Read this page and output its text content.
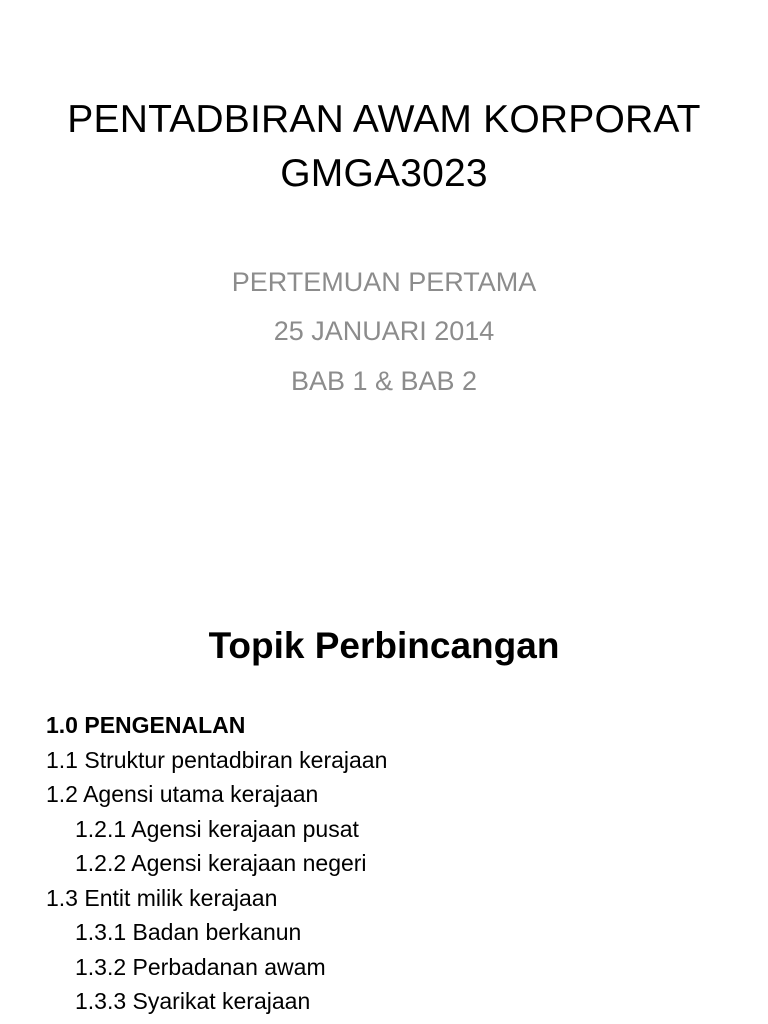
PENTADBIRAN AWAM KORPORAT
GMGA3023
PERTEMUAN PERTAMA
25 JANUARI 2014
BAB 1 & BAB 2
Topik Perbincangan
1.0 PENGENALAN
1.1 Struktur pentadbiran kerajaan
1.2 Agensi utama kerajaan
1.2.1 Agensi kerajaan pusat
1.2.2 Agensi kerajaan negeri
1.3 Entit milik kerajaan
1.3.1 Badan berkanun
1.3.2 Perbadanan awam
1.3.3 Syarikat kerajaan
